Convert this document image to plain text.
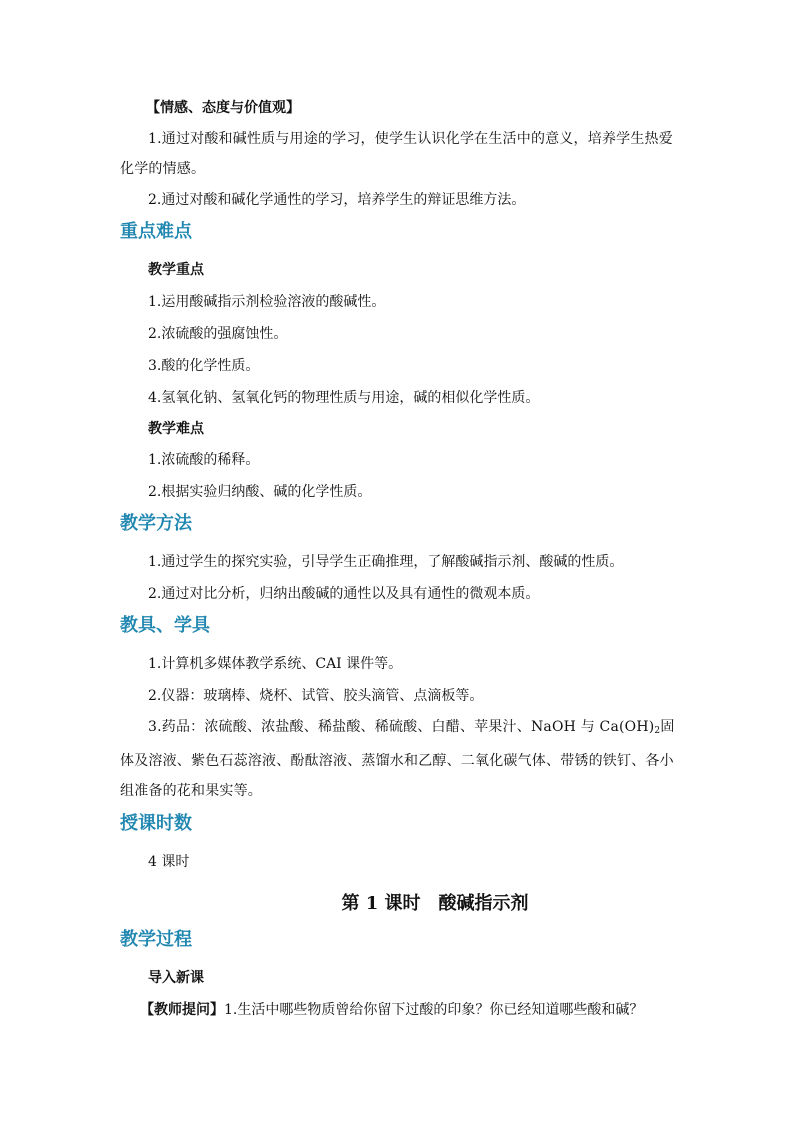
【情感、态度与价值观】
1.通过对酸和碱性质与用途的学习，使学生认识化学在生活中的意义，培养学生热爱化学的情感。
2.通过对酸和碱化学通性的学习，培养学生的辩证思维方法。
重点难点
教学重点
1.运用酸碱指示剂检验溶液的酸碱性。
2.浓硫酸的强腐蚀性。
3.酸的化学性质。
4.氢氧化钠、氢氧化钙的物理性质与用途，碱的相似化学性质。
教学难点
1.浓硫酸的稀释。
2.根据实验归纳酸、碱的化学性质。
教学方法
1.通过学生的探究实验，引导学生正确推理，了解酸碱指示剂、酸碱的性质。
2.通过对比分析，归纳出酸碱的通性以及具有通性的微观本质。
教具、学具
1.计算机多媒体教学系统、CAI 课件等。
2.仪器：玻璃棒、烧杯、试管、胶头滴管、点滴板等。
3.药品：浓硫酸、浓盐酸、稀盐酸、稀硫酸、白醋、苹果汁、NaOH 与 $Ca(OH)_2$固体及溶液、紫色石蕊溶液、酚酞溶液、蒸馏水和乙醇、二氧化碳气体、带锈的铁钉、各小组准备的花和果实等。
授课时数
4 课时
第 1 课时　酸碱指示剂
教学过程
导入新课
【教师提问】1.生活中哪些物质曾给你留下过酸的印象？你已经知道哪些酸和碱？
